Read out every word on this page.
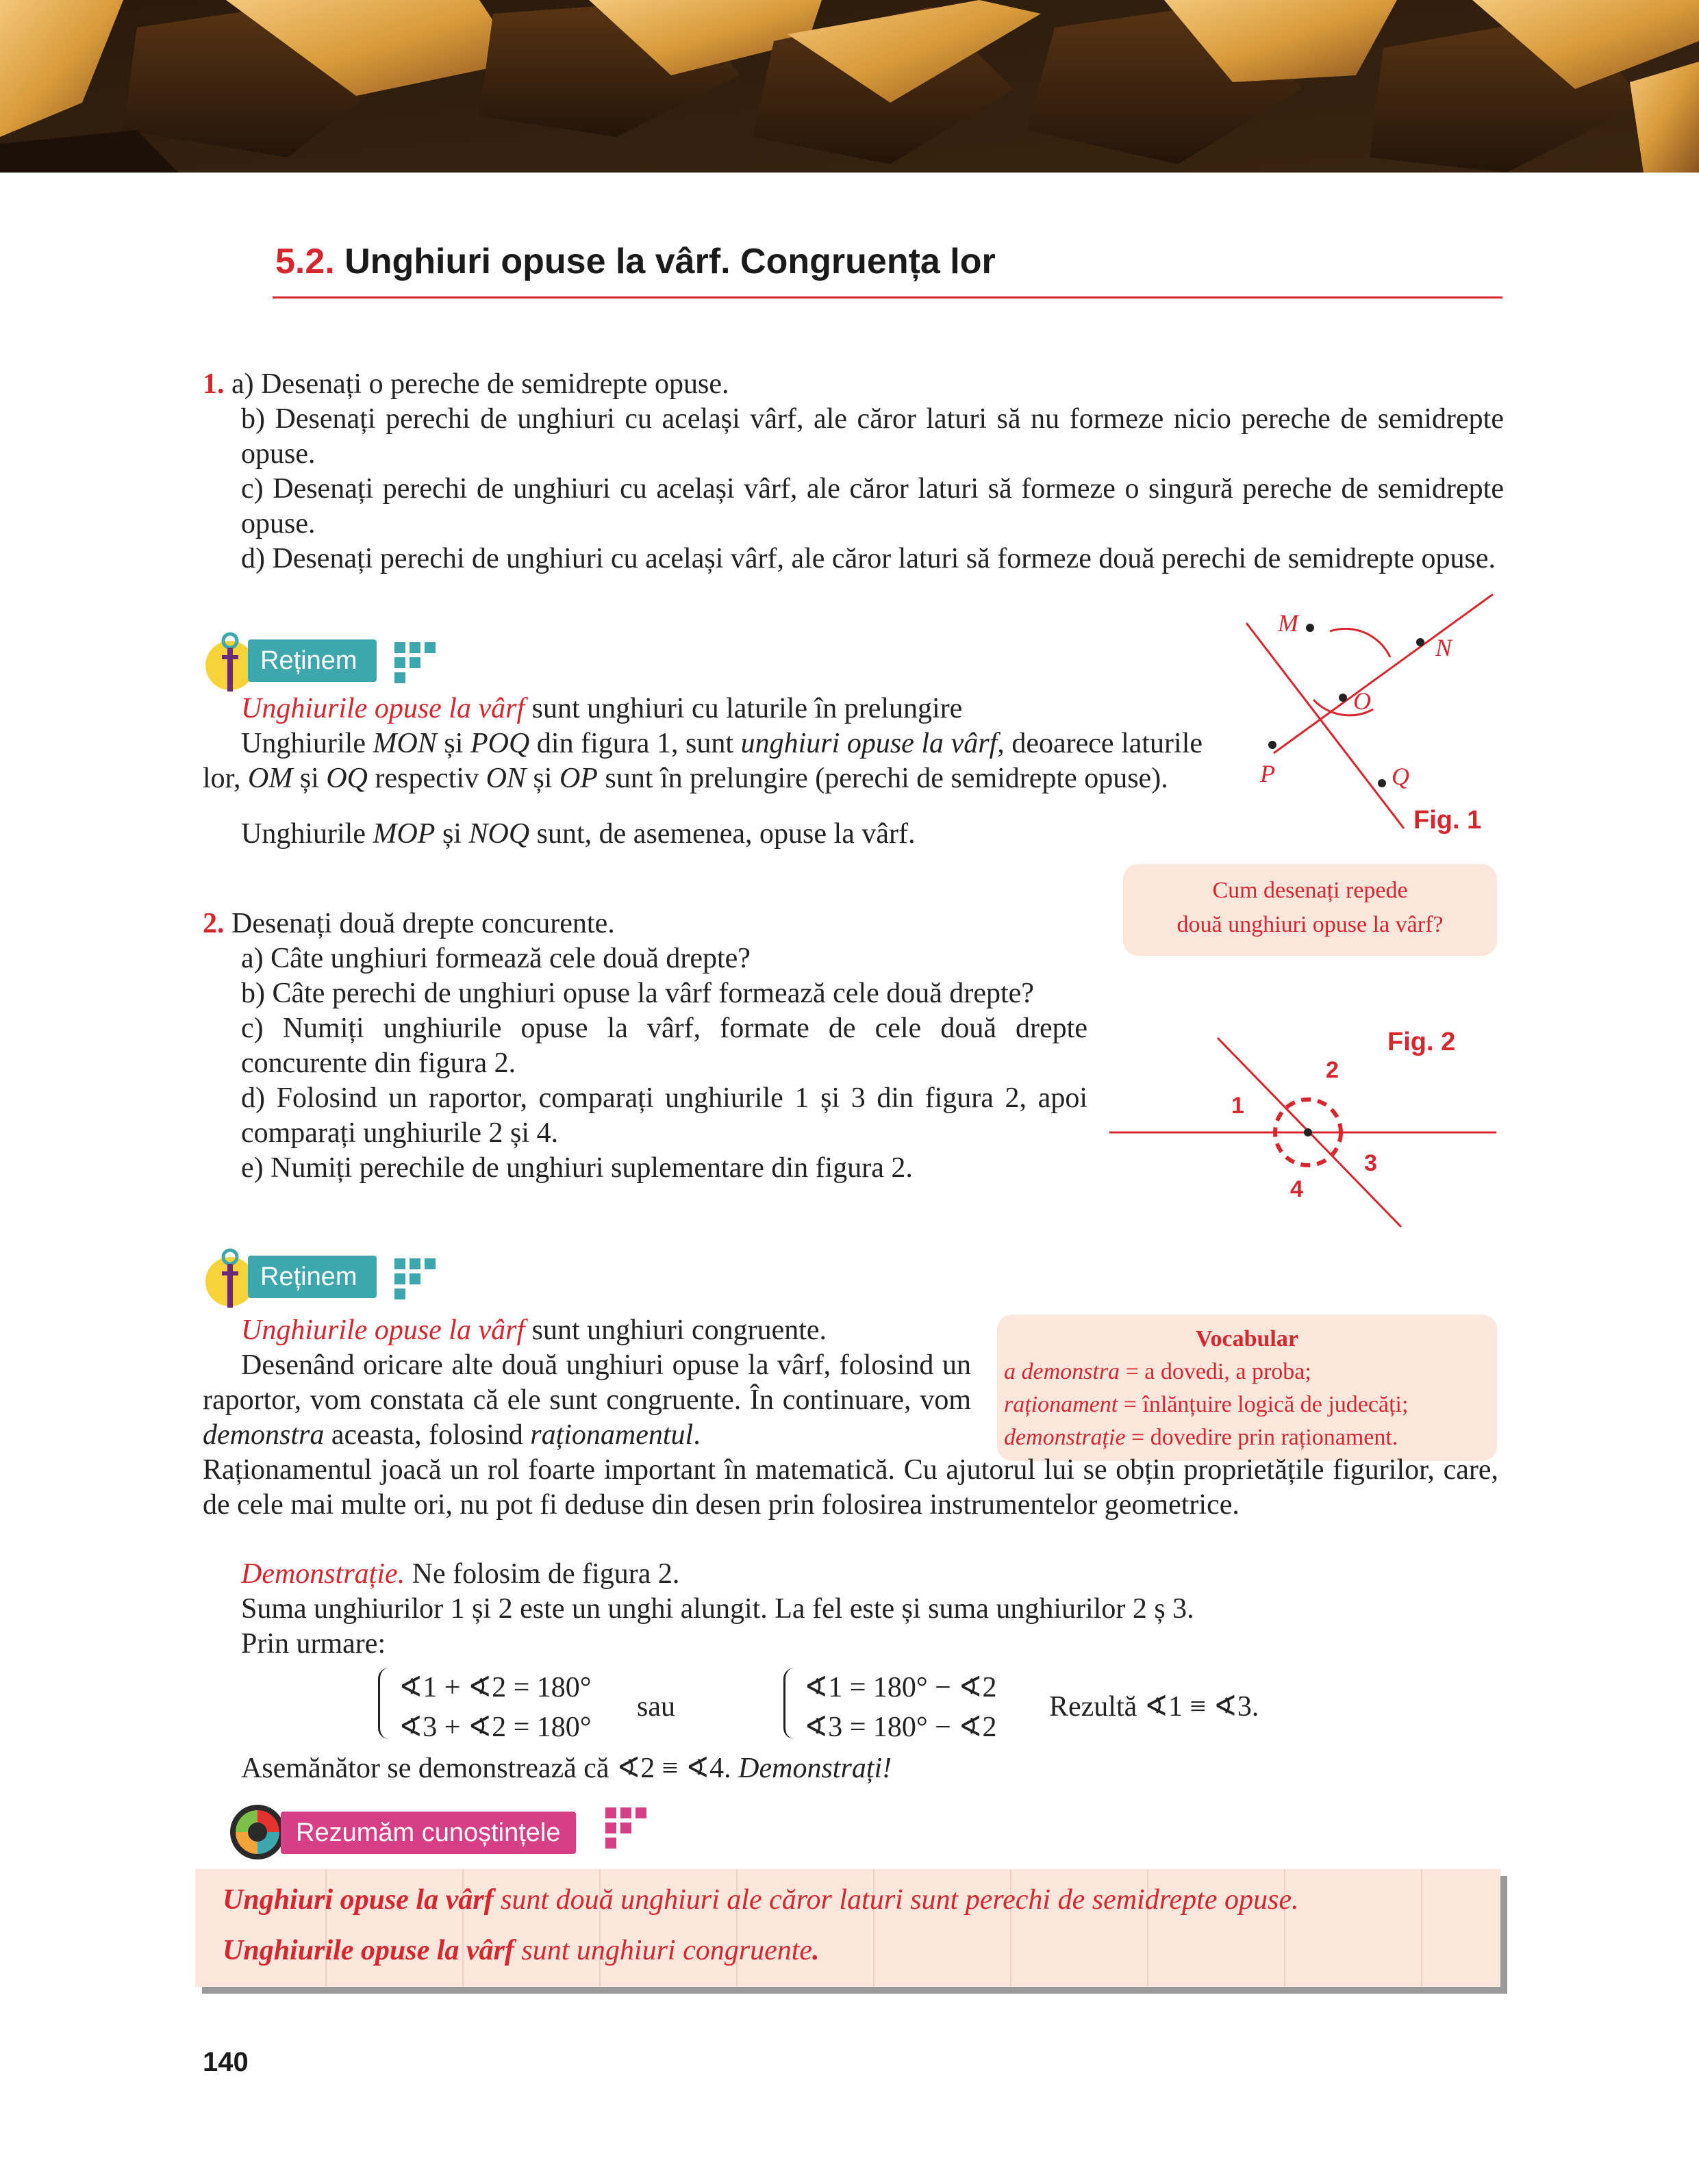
5.2. Unghiuri opuse la vârf. Congruența lor
1. a) Desenați o pereche de semidrepte opuse.
b) Desenați perechi de unghiuri cu același vârf, ale căror laturi să nu formeze nicio pereche de semidrepte opuse.
c) Desenați perechi de unghiuri cu același vârf, ale căror laturi să formeze o singură pereche de semidrepte opuse.
d) Desenați perechi de unghiuri cu același vârf, ale căror laturi să formeze două perechi de semidrepte opuse.
Reținem
Unghiurile opuse la vârf sunt unghiuri cu laturile în prelungire
Unghiurile MON și POQ din figura 1, sunt unghiuri opuse la vârf, deoarece laturile lor, OM și OQ respectiv ON și OP sunt în prelungire (perechi de semidrepte opuse).
Unghiurile MOP și NOQ sunt, de asemenea, opuse la vârf.
M
N
O
P	Q
Fig. 1
Cum desenați repede
două unghiuri opuse la vârf?
2. Desenați două drepte concurente.
a) Câte unghiuri formează cele două drepte?
b) Câte perechi de unghiuri opuse la vârf formează cele două drepte?
c) Numiți unghiurile opuse la vârf, formate de cele două drepte concurente din figura 2.
d) Folosind un raportor, comparați unghiurile 1 și 3 din figura 2, apoi comparați unghiurile 2 și 4.
e) Numiți perechile de unghiuri suplementare din figura 2.
1
2
3
4
Fig. 2
Reținem
Vocabular
a demonstra = a dovedi, a proba;
raționament = înlănțuire logică de judecăți;
demonstrație = dovedire prin raționament.
Unghiurile opuse la vârf sunt unghiuri congruente.
Desenând oricare alte două unghiuri opuse la vârf, folosind un raportor, vom constata că ele sunt congruente. În continuare, vom demonstra aceasta, folosind raționamentul.
Raționamentul joacă un rol foarte important în matematică. Cu ajutorul lui se obțin proprietățile figurilor, care, de cele mai multe ori, nu pot fi deduse din desen prin folosirea instrumentelor geometrice.
Demonstrație. Ne folosim de figura 2.
Suma unghiurilor 1 și 2 este un unghi alungit. La fel este și suma unghiurilor 2 ș 3.
Prin urmare:
∢1 + ∢2 = 180°
∢3 + ∢2 = 180°
sau
∢1 = 180° − ∢2
∢3 = 180° − ∢2
Rezultă ∢1 ≡ ∢3.
Asemănător se demonstrează că ∢2 ≡ ∢4. Demonstrați!
Rezumăm cunoștințele
Unghiuri opuse la vârf sunt două unghiuri ale căror laturi sunt perechi de semidrepte opuse.
Unghiurile opuse la vârf sunt unghiuri congruente.
140
